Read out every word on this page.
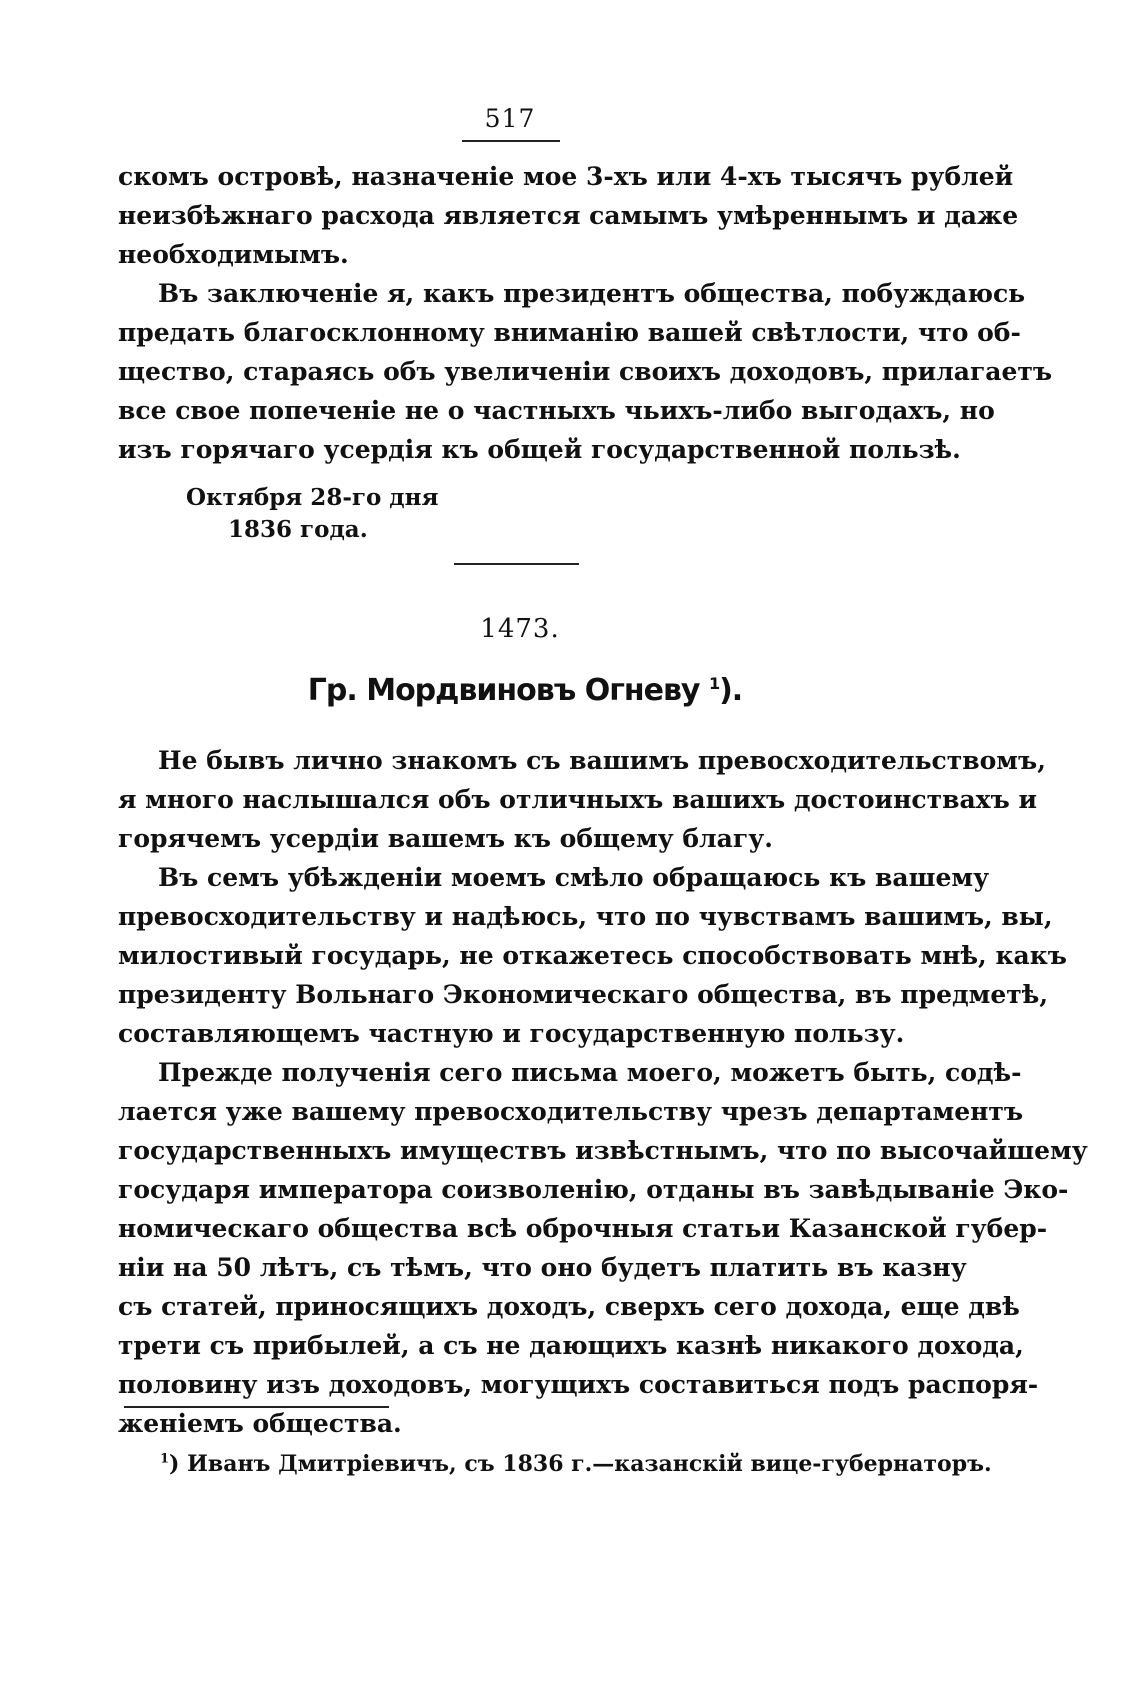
517
скомъ островѣ, назначеніе мое 3-хъ или 4-хъ тысячъ рублей
неизбѣжнаго расхода является самымъ умѣреннымъ и даже
необходимымъ.
Въ заключеніе я, какъ президентъ общества, побуждаюсь
предать благосклонному вниманію вашей свѣтлости, что об-
щество, стараясь объ увеличеніи своихъ доходовъ, прилагаетъ
все свое попеченіе не о частныхъ чьихъ-либо выгодахъ, но
изъ горячаго усердія къ общей государственной пользѣ.
Октября 28-го дня
1836 года.
1473.
Гр. Мордвиновъ Огневу $^1$).
Не бывъ лично знакомъ съ вашимъ превосходительствомъ,
я много наслышался объ отличныхъ вашихъ достоинствахъ и
горячемъ усердіи вашемъ къ общему благу.
Въ семъ убѣжденіи моемъ смѣло обращаюсь къ вашему
превосходительству и надѣюсь, что по чувствамъ вашимъ, вы,
милостивый государь, не откажетесь способствовать мнѣ, какъ
президенту Вольнаго Экономическаго общества, въ предметѣ,
составляющемъ частную и государственную пользу.
Прежде полученія сего письма моего, можетъ быть, содѣ-
лается уже вашему превосходительству чрезъ департаментъ
государственныхъ имуществъ извѣстнымъ, что по высочайшему
государя императора соизволенію, отданы въ завѣдываніе Эко-
номическаго общества всѣ оброчныя статьи Казанской губер-
ніи на 50 лѣтъ, съ тѣмъ, что оно будетъ платить въ казну
съ статей, приносящихъ доходъ, сверхъ сего дохода, еще двѣ
трети съ прибылей, а съ не дающихъ казнѣ никакого дохода,
половину изъ доходовъ, могущихъ составиться подъ распоря-
женіемъ общества.
$^1$) Иванъ Дмитріевичъ, съ 1836 г.—казанскій вице-губернаторъ.
